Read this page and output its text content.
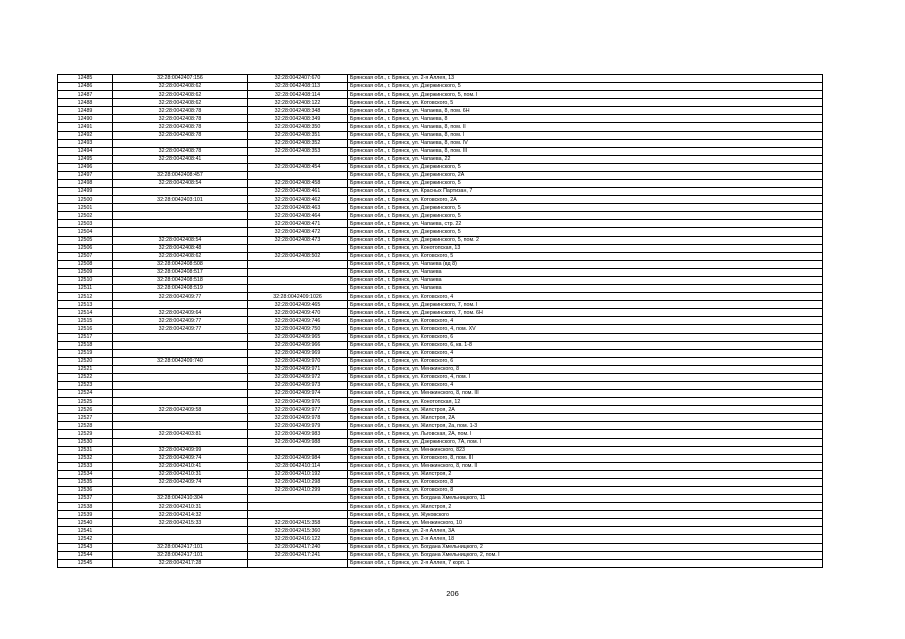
12485	32:28:0042407:156	32:28:0042407:670	Брянская обл., г. Брянск, ул. 2-я Аллея, 13
12486	32:28:0042408:62	32:28:0042408:113	Брянская обл., г. Брянск, ул. Дзержинского, 5
12487	32:28:0042408:62	32:28:0042408:114	Брянская обл., г. Брянск, ул. Дзержинского, 5, пом. I
12488	32:28:0042408:62	32:28:0042408:122	Брянская обл., г. Брянск, ул. Котовского, 5
12489	32:28:0042408:78	32:28:0042408:348	Брянская обл., г. Брянск, ул. Чапаева, 8, пом. 6Н
12490	32:28:0042408:78	32:28:0042408:349	Брянская обл., г. Брянск, ул. Чапаева, 8
12491	32:28:0042408:78	32:28:0042408:350	Брянская обл., г. Брянск, ул. Чапаева, 8, пом. II
12492	32:28:0042408:78	32:28:0042408:351	Брянская обл., г. Брянск, ул. Чапаева, 8, пом. I
12493		32:28:0042408:352	Брянская обл., г. Брянск, ул. Чапаева, 8, пом. IV
12494	32:28:0042408:78	32:28:0042408:353	Брянская обл., г. Брянск, ул. Чапаева, 8, пом. III
12495	32:28:0042408:41		Брянская обл., г. Брянск, ул. Чапаева, 22
12496		32:28:0042408:454	Брянская обл., г. Брянск, ул. Дзержинского, 5
12497	32:28:0042408:457		Брянская обл., г. Брянск, ул. Дзержинского, 2А
12498	32:28:0042408:54	32:28:0042408:458	Брянская обл., г. Брянск, ул. Дзержинского, 5
12499		32:28:0042408:461	Брянская обл., г. Брянск, ул. Красных Партизан, 7
12500	32:28:0042403:101	32:28:0042408:462	Брянская обл., г. Брянск, ул. Котовского, 2А
12501		32:28:0042408:463	Брянская обл., г. Брянск, ул. Дзержинского, 5
12502		32:28:0042408:464	Брянская обл., г. Брянск, ул. Дзержинского, 5
12503		32:28:0042408:471	Брянская обл., г. Брянск, ул. Чапаева, стр. 22
12504		32:28:0042408:472	Брянская обл., г. Брянск, ул. Дзержинского, 5
12505	32:28:0042408:54	32:28:0042408:473	Брянская обл., г. Брянск, ул. Дзержинского, 5, пом. 2
12506	32:28:0042408:48		Брянская обл., г. Брянск, ул. Конотопская, 13
12507	32:28:0042408:62	32:28:0042408:502	Брянская обл., г. Брянск, ул. Котовского, 5
12508	32:28:0042408:508		Брянская обл., г. Брянск, ул. Чапаева (вд 8)
12509	32:28:0042408:517		Брянская обл., г. Брянск, ул. Чапаева
12510	32:28:0042408:518		Брянская обл., г. Брянск, ул. Чапаева
12511	32:28:0042408:519		Брянская обл., г. Брянск, ул. Чапаева
12512	32:28:0042409:77	32:28:0042409:1026	Брянская обл., г. Брянск, ул. Котовского, 4
12513		32:28:0042409:465	Брянская обл., г. Брянск, ул. Дзержинского, 7, пом. I
12514	32:28:0042409:64	32:28:0042409:470	Брянская обл., г. Брянск, ул. Дзержинского, 7, пом. 6Н
12515	32:28:0042409:77	32:28:0042409:746	Брянская обл., г. Брянск, ул. Котовского, 4
12516	32:28:0042409:77	32:28:0042409:750	Брянская обл., г. Брянск, ул. Котовского, 4, пом. XV
12517		32:28:0042409:965	Брянская обл., г. Брянск, ул. Котовского, 6
12518		32:28:0042409:966	Брянская обл., г. Брянск, ул. Котовского, 6, кв. 1-8
12519		32:28:0042409:969	Брянская обл., г. Брянск, ул. Котовского, 4
12520	32:28:0042409:740	32:28:0042409:970	Брянская обл., г. Брянск, ул. Котовского, 6
12521		32:28:0042409:971	Брянская обл., г. Брянск, ул. Менжинского, 8
12522		32:28:0042409:972	Брянская обл., г. Брянск, ул. Котовского, 4, пом. I
12523		32:28:0042409:973	Брянская обл., г. Брянск, ул. Котовского, 4
12524		32:28:0042409:974	Брянская обл., г. Брянск, ул. Менжинского, 8, пом. III
12525		32:28:0042409:976	Брянская обл., г. Брянск, ул. Конотопская, 12
12526	32:28:0042409:58	32:28:0042409:977	Брянская обл., г. Брянск, ул. Жилстроя, 2А
12527		32:28:0042409:978	Брянская обл., г. Брянск, ул. Жилстроя, 2А
12528		32:28:0042409:979	Брянская обл., г. Брянск, ул. Жилстроя, 2а, пом. 1-3
12529	32:28:0042403:81	32:28:0042409:983	Брянская обл., г. Брянск, ул. Льговская, 2А, пом. I
12530		32:28:0042409:988	Брянская обл., г. Брянск, ул. Дзержинского, 7А, пом. I
12531	32:28:0042409:99		Брянская обл., г. Брянск, ул. Менжинского, 823
12532	32:28:0042409:74	32:28:0042409:984	Брянская обл., г. Брянск, ул. Котовского, 8, пом. III
12533	32:28:0042410:41	32:28:0042410:114	Брянская обл., г. Брянск, ул. Менжинского, 8, пом. II
12534	32:28:0042410:31	32:28:0042410:192	Брянская обл., г. Брянск, ул. Жилстроя, 2
12535	32:28:0042409:74	32:28:0042410:298	Брянская обл., г. Брянск, ул. Котовского, 8
12536		32:28:0042410:299	Брянская обл., г. Брянск, ул. Котовского, 8
12537	32:28:0042410:304		Брянская обл., г. Брянск, ул. Богдана Хмельницкого, 11
12538	32:28:0042410:31		Брянская обл., г. Брянск, ул. Жилстроя, 2
12539	32:28:0042414:32		Брянская обл., г. Брянск, ул. Жуковского
12540	32:28:0042415:33	32:28:0042415:358	Брянская обл., г. Брянск, ул. Менжинского, 10
12541		32:28:0042415:360	Брянская обл., г. Брянск, ул. 2-я Аллея, 3А
12542		32:28:0042416:122	Брянская обл., г. Брянск, ул. 2-я Аллея, 18
12543	32:28:0042417:101	32:28:0042417:240	Брянская обл., г. Брянск, ул. Богдана Хмельницкого, 2
12544	32:28:0042417:101	32:28:0042417:241	Брянская обл., г. Брянск, ул. Богдана Хмельницкого, 2, пом. I
12545	32:28:0042417:28		Брянская обл., г. Брянск, ул. 2-я Аллея, 7 корп. 1
206
